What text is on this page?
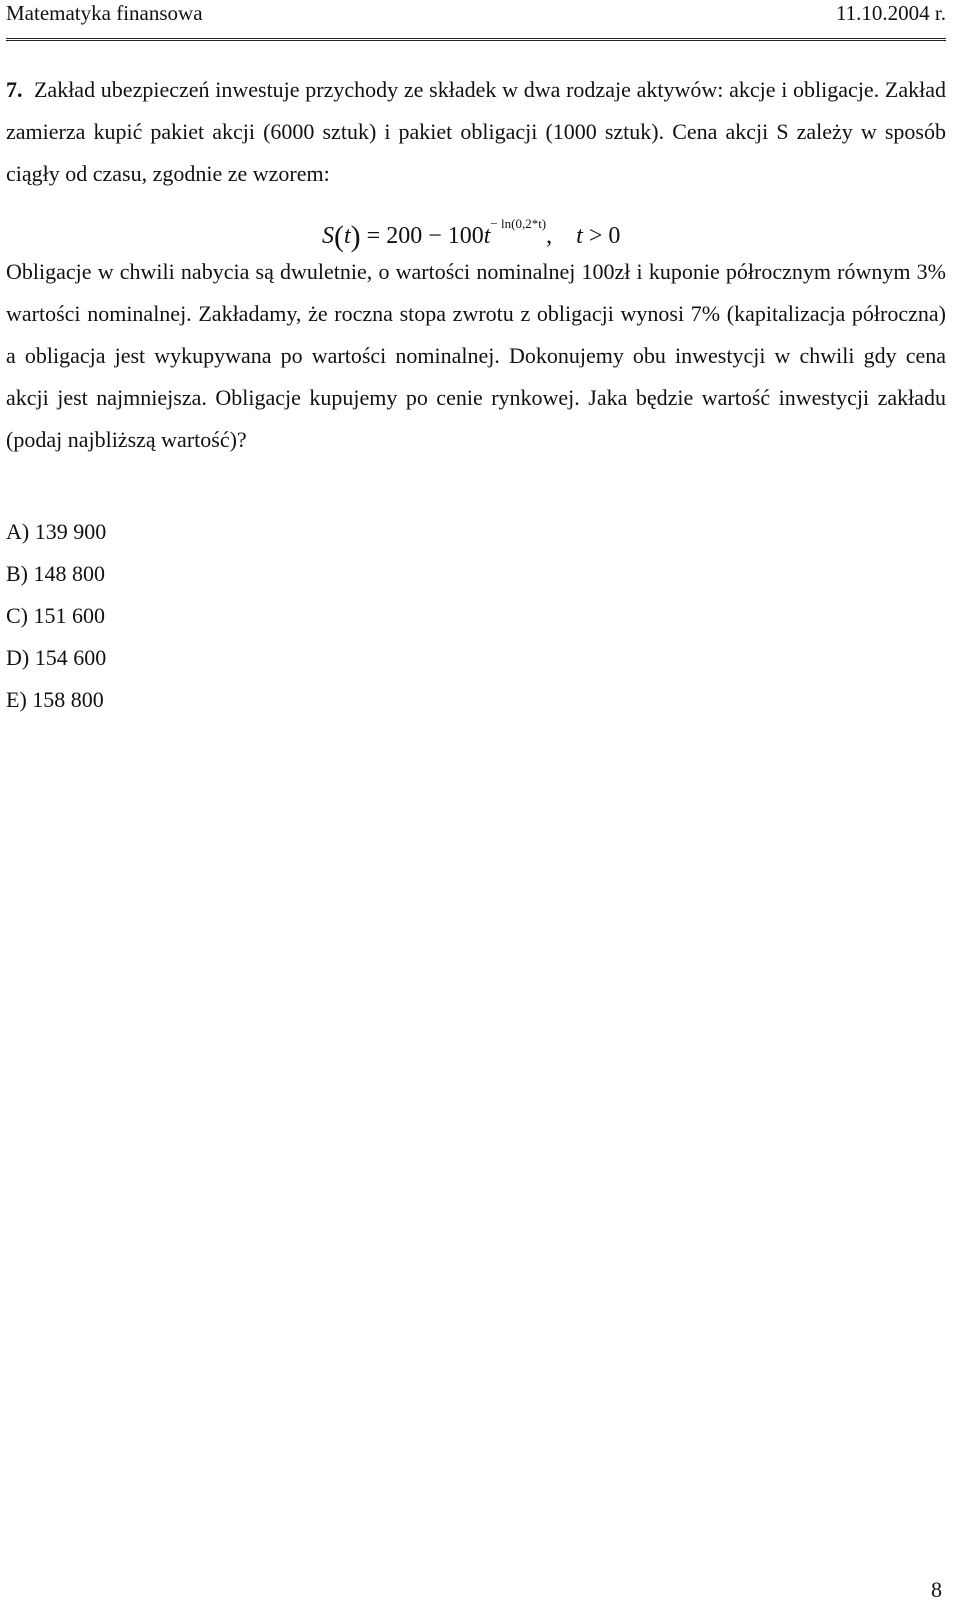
Matematyka finansowa	11.10.2004 r.

7. Zakład ubezpieczeń inwestuje przychody ze składek w dwa rodzaje aktywów: akcje i obligacje. Zakład zamierza kupić pakiet akcji (6000 sztuk) i pakiet obligacji (1000 sztuk). Cena akcji S zależy w sposób ciągły od czasu, zgodnie ze wzorem:

$S(t) = 200 - 100t^{- ln(0,2*t)}$,    t > 0

Obligacje w chwili nabycia są dwuletnie, o wartości nominalnej 100zł i kuponie półrocznym równym 3% wartości nominalnej. Zakładamy, że roczna stopa zwrotu z obligacji wynosi 7% (kapitalizacja półroczna) a obligacja jest wykupywana po wartości nominalnej. Dokonujemy obu inwestycji w chwili gdy cena akcji jest najmniejsza. Obligacje kupujemy po cenie rynkowej. Jaka będzie wartość inwestycji zakładu (podaj najbliższą wartość)?

A) 139 900
B) 148 800
C) 151 600
D) 154 600
E) 158 800
8
